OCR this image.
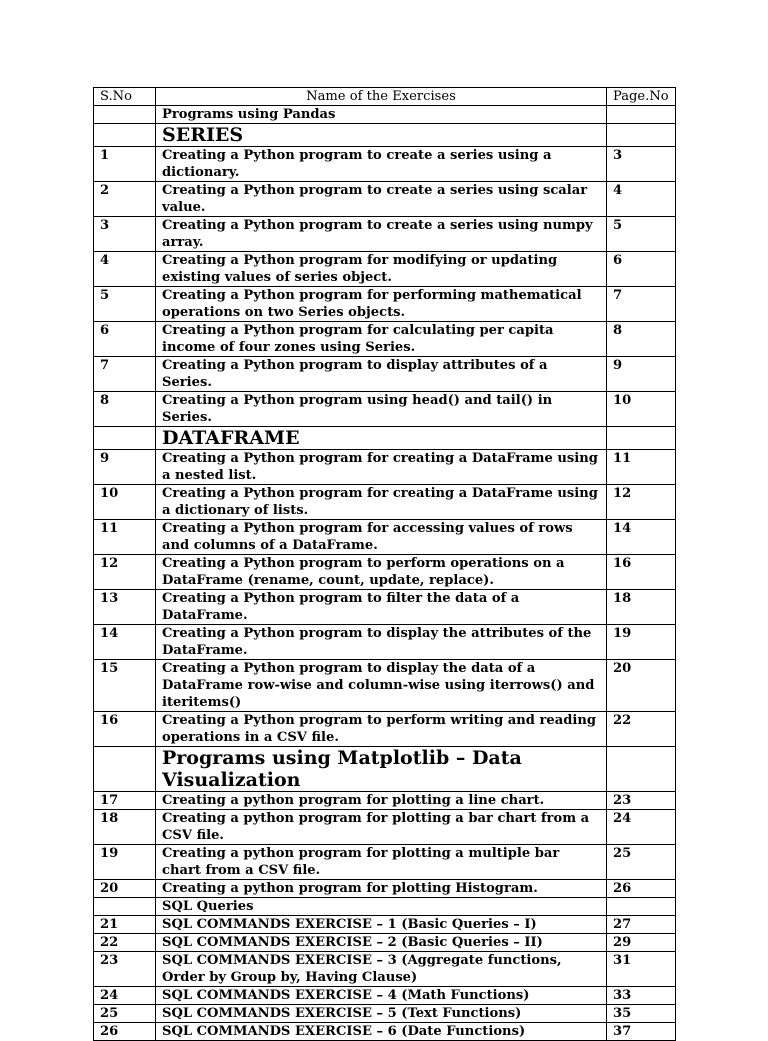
S.No	Name of the Exercises	Page.No
	Programs using Pandas	
	SERIES	
1	Creating a Python program to create a series using a dictionary.	3
2	Creating a Python program to create a series using scalar value.	4
3	Creating a Python program to create a series using numpy array.	5
4	Creating a Python program for modifying or updating existing values of series object.	6
5	Creating a Python program for performing mathematical operations on two Series objects.	7
6	Creating a Python program for calculating per capita income of four zones using Series.	8
7	Creating a Python program to display attributes of a Series.	9
8	Creating a Python program using head() and tail() in Series.	10
	DATAFRAME	
9	Creating a Python program for creating a DataFrame using a nested list.	11
10	Creating a Python program for creating a DataFrame using a dictionary of lists.	12
11	Creating a Python program for accessing values of rows and columns of a DataFrame.	14
12	Creating a Python program to perform operations on a DataFrame (rename, count, update, replace).	16
13	Creating a Python program to filter the data of a DataFrame.	18
14	Creating a Python program to display the attributes of the DataFrame.	19
15	Creating a Python program to display the data of a DataFrame row-wise and column-wise using iterrows() and iteritems()	20
16	Creating a Python program to perform writing and reading operations in a CSV file.	22
	Programs using Matplotlib – Data Visualization	
17	Creating a python program for plotting a line chart.	23
18	Creating a python program for plotting a bar chart from a CSV file.	24
19	Creating a python program for plotting a multiple bar chart from a CSV file.	25
20	Creating a python program for plotting Histogram.	26
	SQL Queries	
21	SQL COMMANDS EXERCISE – 1 (Basic Queries – I)	27
22	SQL COMMANDS EXERCISE – 2 (Basic Queries – II)	29
23	SQL COMMANDS EXERCISE – 3 (Aggregate functions, Order by Group by, Having Clause)	31
24	SQL COMMANDS EXERCISE – 4 (Math Functions)	33
25	SQL COMMANDS EXERCISE – 5 (Text Functions)	35
26	SQL COMMANDS EXERCISE – 6 (Date Functions)	37
